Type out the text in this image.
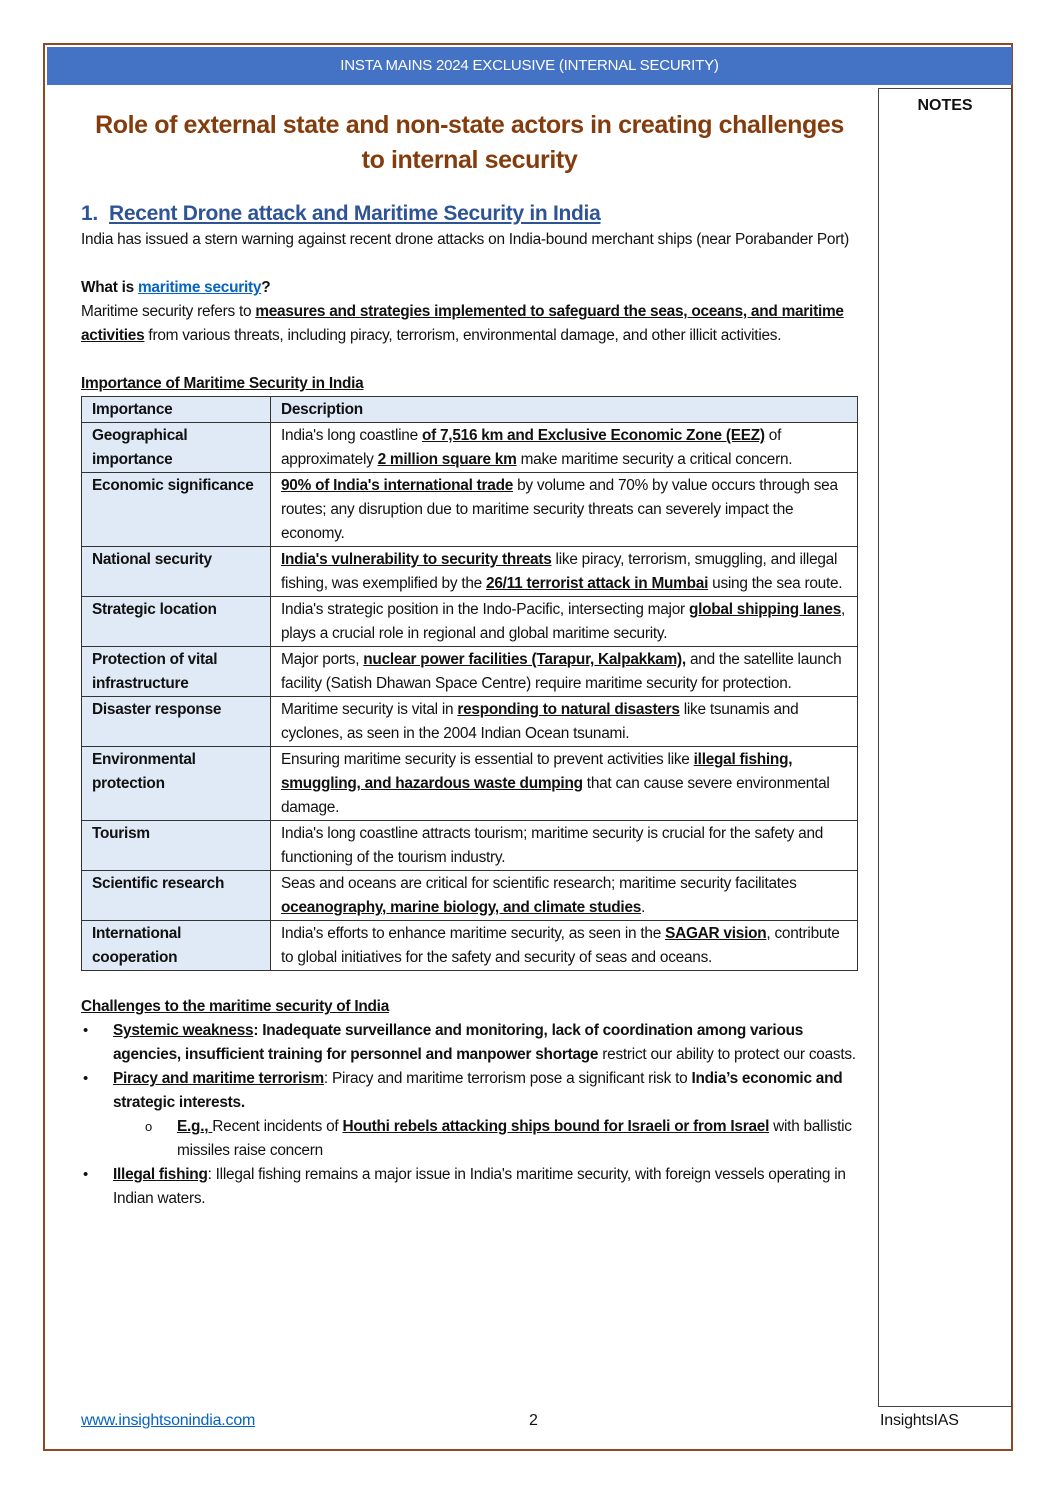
INSTA MAINS 2024 EXCLUSIVE (INTERNAL SECURITY)
NOTES
Role of external state and non-state actors in creating challenges to internal security
1. Recent Drone attack and Maritime Security in India

India has issued a stern warning against recent drone attacks on India-bound merchant ships (near Porabander Port)

What is maritime security?

Maritime security refers to measures and strategies implemented to safeguard the seas, oceans, and maritime activities from various threats, including piracy, terrorism, environmental damage, and other illicit activities.

Importance of Maritime Security in India

Importance	Description
Geographical importance	India's long coastline of 7,516 km and Exclusive Economic Zone (EEZ) of approximately 2 million square km make maritime security a critical concern.
Economic significance	90% of India's international trade by volume and 70% by value occurs through sea routes; any disruption due to maritime security threats can severely impact the economy.
National security	India's vulnerability to security threats like piracy, terrorism, smuggling, and illegal fishing, was exemplified by the 26/11 terrorist attack in Mumbai using the sea route.
Strategic location	India's strategic position in the Indo-Pacific, intersecting major global shipping lanes, plays a crucial role in regional and global maritime security.
Protection of vital infrastructure	Major ports, nuclear power facilities (Tarapur, Kalpakkam), and the satellite launch facility (Satish Dhawan Space Centre) require maritime security for protection.
Disaster response	Maritime security is vital in responding to natural disasters like tsunamis and cyclones, as seen in the 2004 Indian Ocean tsunami.
Environmental protection	Ensuring maritime security is essential to prevent activities like illegal fishing, smuggling, and hazardous waste dumping that can cause severe environmental damage.
Tourism	India's long coastline attracts tourism; maritime security is crucial for the safety and functioning of the tourism industry.
Scientific research	Seas and oceans are critical for scientific research; maritime security facilitates oceanography, marine biology, and climate studies.
International cooperation	India's efforts to enhance maritime security, as seen in the SAGAR vision, contribute to global initiatives for the safety and security of seas and oceans.

Challenges to the maritime security of India

• Systemic weakness: Inadequate surveillance and monitoring, lack of coordination among various agencies, insufficient training for personnel and manpower shortage restrict our ability to protect our coasts.
• Piracy and maritime terrorism: Piracy and maritime terrorism pose a significant risk to India’s economic and strategic interests.
o E.g., Recent incidents of Houthi rebels attacking ships bound for Israeli or from Israel with ballistic missiles raise concern
• Illegal fishing: Illegal fishing remains a major issue in India's maritime security, with foreign vessels operating in Indian waters.
www.insightsonindia.com	2	InsightsIAS
